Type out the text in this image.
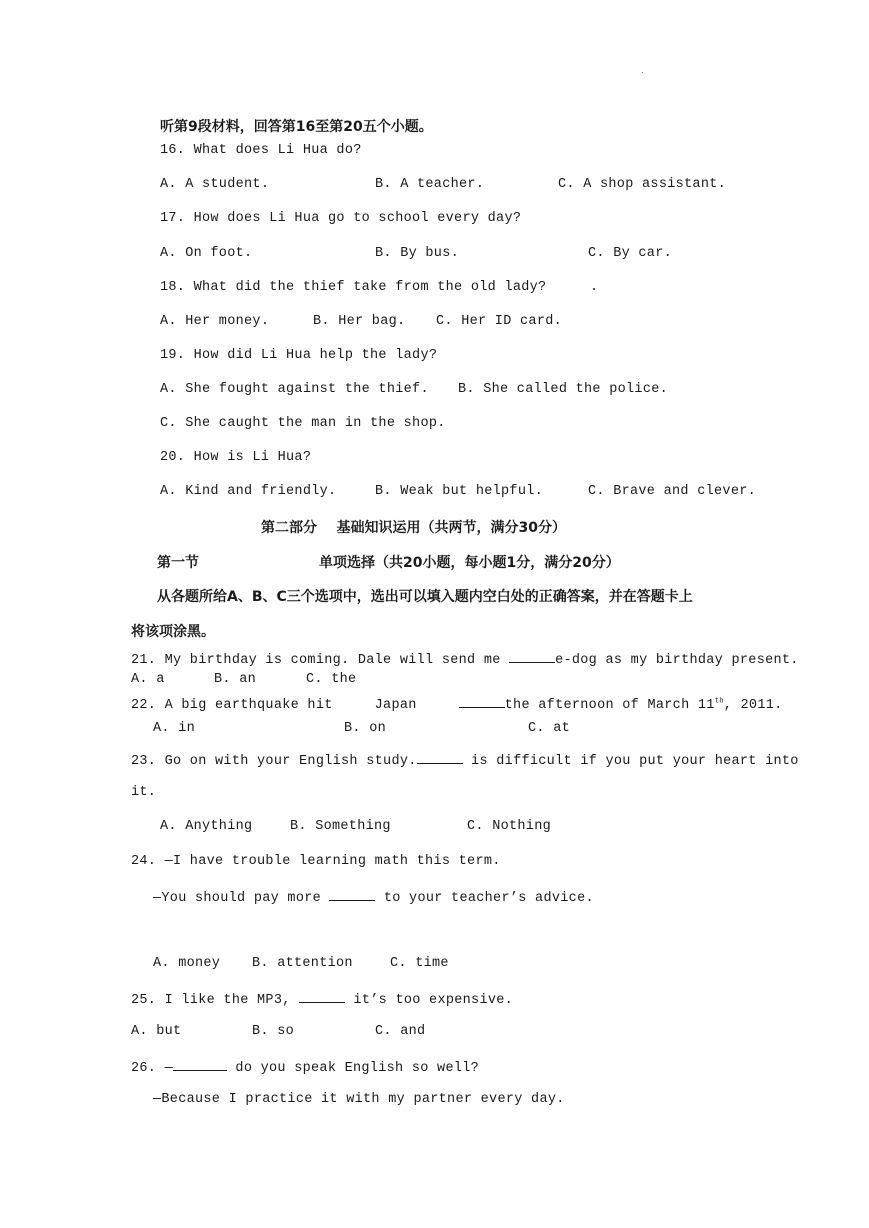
.
听第9段材料，回答第16至第20五个小题。
16. What does Li Hua do?
A. A student.	B. A teacher.	C. A shop assistant.
17. How does Li Hua go to school every day?
A. On foot.	B. By bus.	C. By car.
18. What did the thief take from the old lady?	.
A. Her money.	B. Her bag. C. Her ID card.
19. How did Li Hua help the lady?
A. She fought against the thief. B. She called the police.
C. She caught the man in the shop.
20. How is Li Hua?
A. Kind and friendly.	B. Weak but helpful.	C. Brave and clever.
第二部分    基础知识运用（共两节，满分30分）
第一节	单项选择（共20小题，每小题1分，满分20分）
从各题所给A、B、C三个选项中，选出可以填入题内空白处的正确答案，并在答题卡上
将该项涂黑。
21. My birthday is coming. Dale will send me	e-dog as my birthday present.
A. a	B. an	C. the
22. A big earthquake hit     Japan	the afternoon of March 11th, 2011.
A. in	B. on	C. at
23. Go on with your English study.	is difficult if you put your heart into
it.
A. Anything	B. Something	C. Nothing
24. —I have trouble learning math this term.
—You should pay more	to your teacher’s advice.
A. money B. attention	C. time
25. I like the MP3,	it’s too expensive.
A. but	B. so	C. and
26. —	do you speak English so well?
—Because I practice it with my partner every day.
